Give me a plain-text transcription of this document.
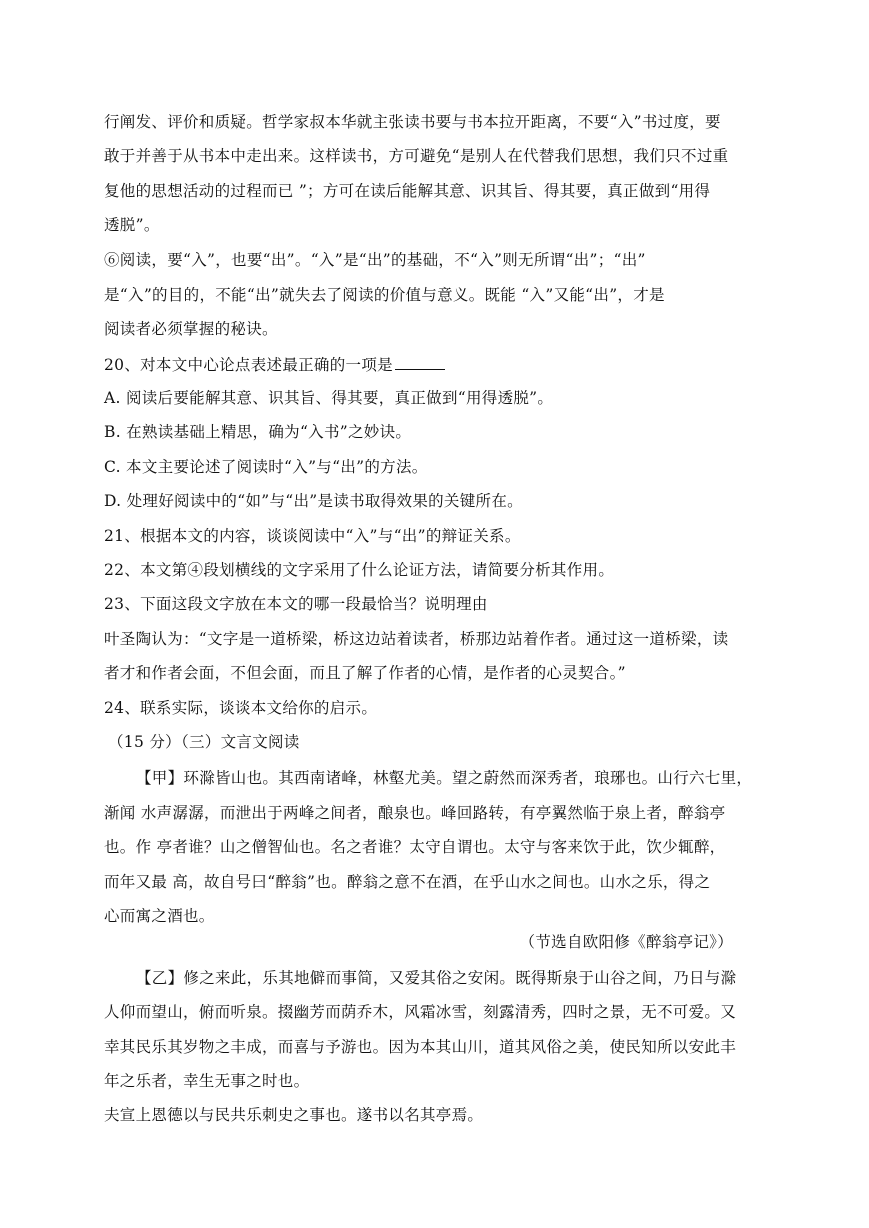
行阐发、评价和质疑。哲学家叔本华就主张读书要与书本拉开距离，不要“入”书过度，要
敢于并善于从书本中走出来。这样读书，方可避免“是别人在代替我们思想，我们只不过重
复他的思想活动的过程而已 ”；方可在读后能解其意、识其旨、得其要，真正做到“用得
透脱”。
⑥阅读，要“入”，也要“出”。“入”是“出”的基础，不“入”则无所谓“出”；“出”
是“入”的目的，不能“出”就失去了阅读的价值与意义。既能 “入”又能“出”，才是
阅读者必须掌握的秘诀。
20、对本文中心论点表述最正确的一项是
A. 阅读后要能解其意、识其旨、得其要，真正做到“用得透脱”。
B. 在熟读基础上精思，确为“入书”之妙诀。
C. 本文主要论述了阅读时“入”与“出”的方法。
D. 处理好阅读中的“如”与“出”是读书取得效果的关键所在。
21、根据本文的内容，谈谈阅读中“入”与“出”的辩证关系。
22、本文第④段划横线的文字采用了什么论证方法，请简要分析其作用。
23、下面这段文字放在本文的哪一段最恰当？说明理由
叶圣陶认为：“文字是一道桥梁，桥这边站着读者，桥那边站着作者。通过这一道桥梁，读
者才和作者会面，不但会面，而且了解了作者的心情，是作者的心灵契合。”
24、联系实际，谈谈本文给你的启示。
（15 分）（三）文言文阅读
【甲】环滁皆山也。其西南诸峰，林壑尤美。望之蔚然而深秀者，琅琊也。山行六七里，
渐闻 水声潺潺，而泄出于两峰之间者，酿泉也。峰回路转，有亭翼然临于泉上者，醉翁亭
也。作 亭者谁？山之僧智仙也。名之者谁？太守自谓也。太守与客来饮于此，饮少辄醉，
而年又最 高，故自号曰“醉翁”也。醉翁之意不在酒，在乎山水之间也。山水之乐，得之
心而寓之酒也。
（节选自欧阳修《醉翁亭记》）
【乙】修之来此，乐其地僻而事简，又爱其俗之安闲。既得斯泉于山谷之间，乃日与滁
人仰而望山，俯而听泉。掇幽芳而荫乔木，风霜冰雪，刻露清秀，四时之景，无不可爱。又
幸其民乐其岁物之丰成，而喜与予游也。因为本其山川，道其风俗之美，使民知所以安此丰
年之乐者，幸生无事之时也。
夫宣上恩德以与民共乐刺史之事也。遂书以名其亭焉。
